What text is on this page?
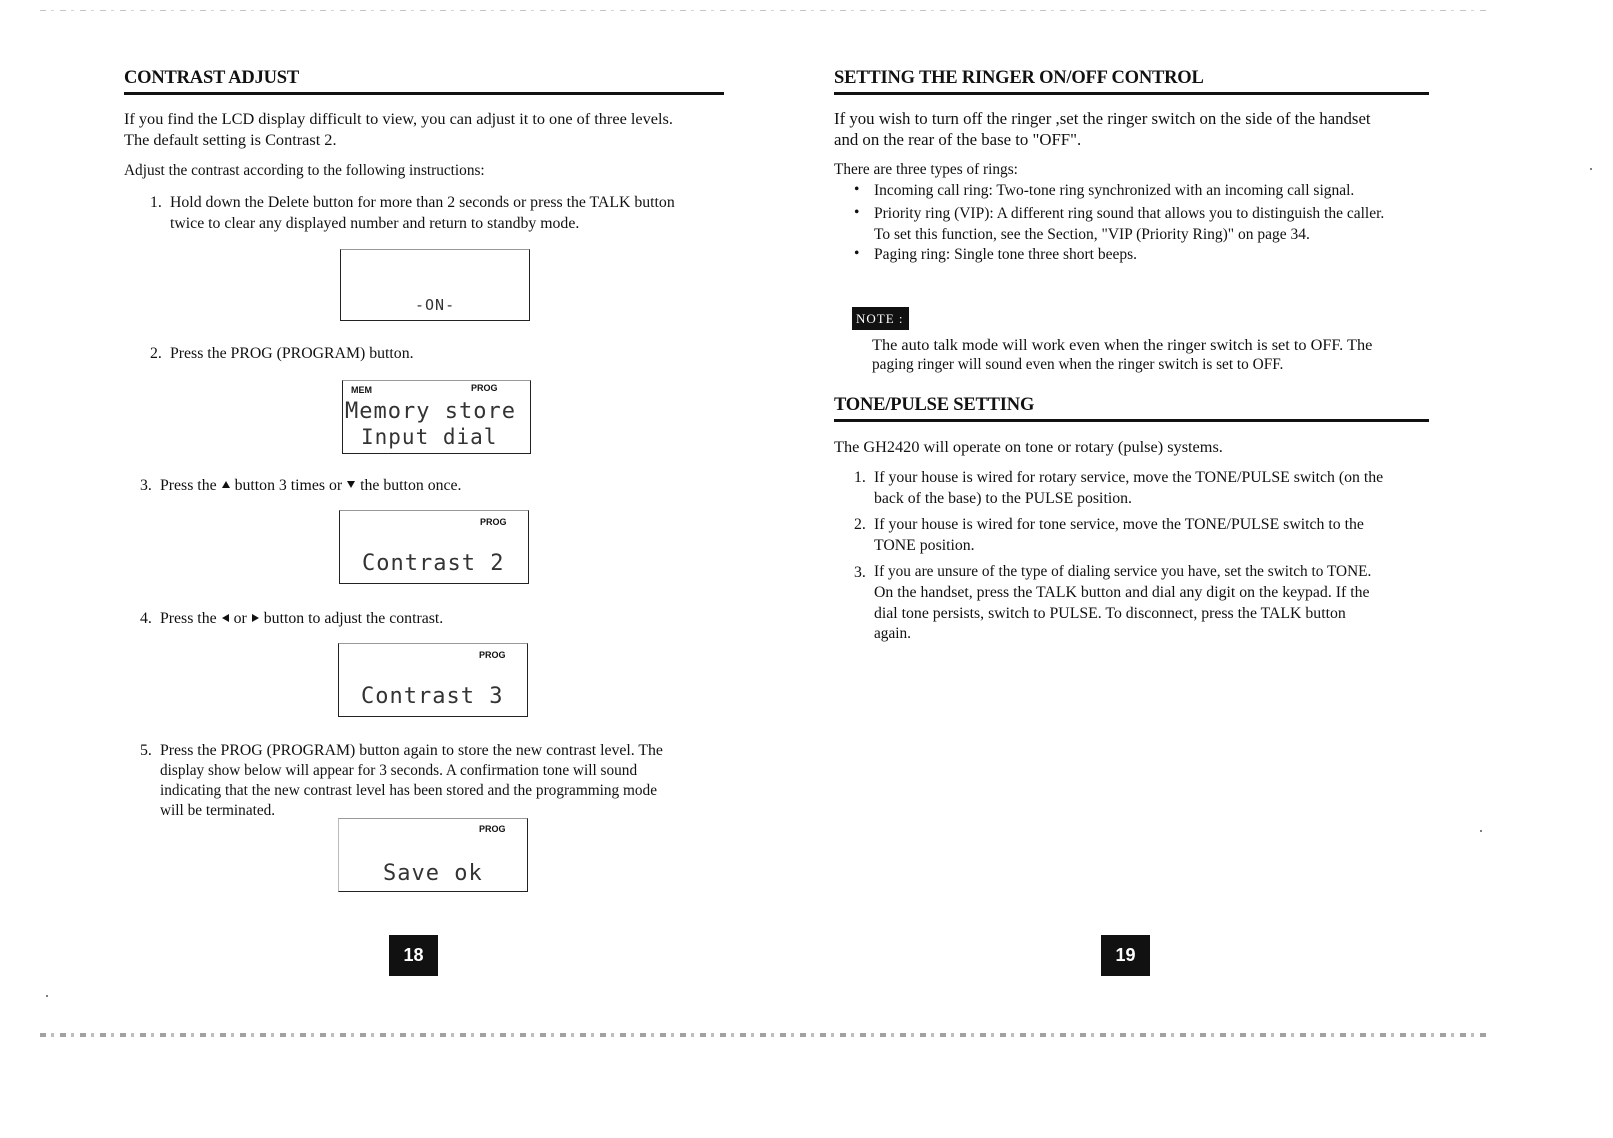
CONTRAST ADJUST
If you find the LCD display difficult to view, you can adjust it to one of three levels.
The default setting is Contrast 2.
Adjust the contrast according to the following instructions:
1. Hold down the Delete button for more than 2 seconds or press the TALK button
twice to clear any displayed number and return to standby mode.
-ON-
2. Press the PROG (PROGRAM) button.
MEM	PROG
Memory store
Input dial
3. Press the button 3 times or the button once.
PROG
Contrast 2
4. Press the or button to adjust the contrast.
PROG
Contrast 3
5. Press the PROG (PROGRAM) button again to store the new contrast level. The
display show below will appear for 3 seconds. A confirmation tone will sound
indicating that the new contrast level has been stored and the programming mode
will be terminated.
PROG
Save ok
18
SETTING THE RINGER ON/OFF CONTROL
If you wish to turn off the ringer ,set the ringer switch on the side of the handset
and on the rear of the base to "OFF".
There are three types of rings:
• Incoming call ring: Two-tone ring synchronized with an incoming call signal.
• Priority ring (VIP): A different ring sound that allows you to distinguish the caller.
To set this function, see the Section, "VIP (Priority Ring)" on page 34.
• Paging ring: Single tone three short beeps.
NOTE :
The auto talk mode will work even when the ringer switch is set to OFF. The
paging ringer will sound even when the ringer switch is set to OFF.
TONE/PULSE SETTING
The GH2420 will operate on tone or rotary (pulse) systems.
1. If your house is wired for rotary service, move the TONE/PULSE switch (on the
back of the base) to the PULSE position.
2. If your house is wired for tone service, move the TONE/PULSE switch to the
TONE position.
3. If you are unsure of the type of dialing service you have, set the switch to TONE.
On the handset, press the TALK button and dial any digit on the keypad. If the
dial tone persists, switch to PULSE. To disconnect, press the TALK button
again.
19
